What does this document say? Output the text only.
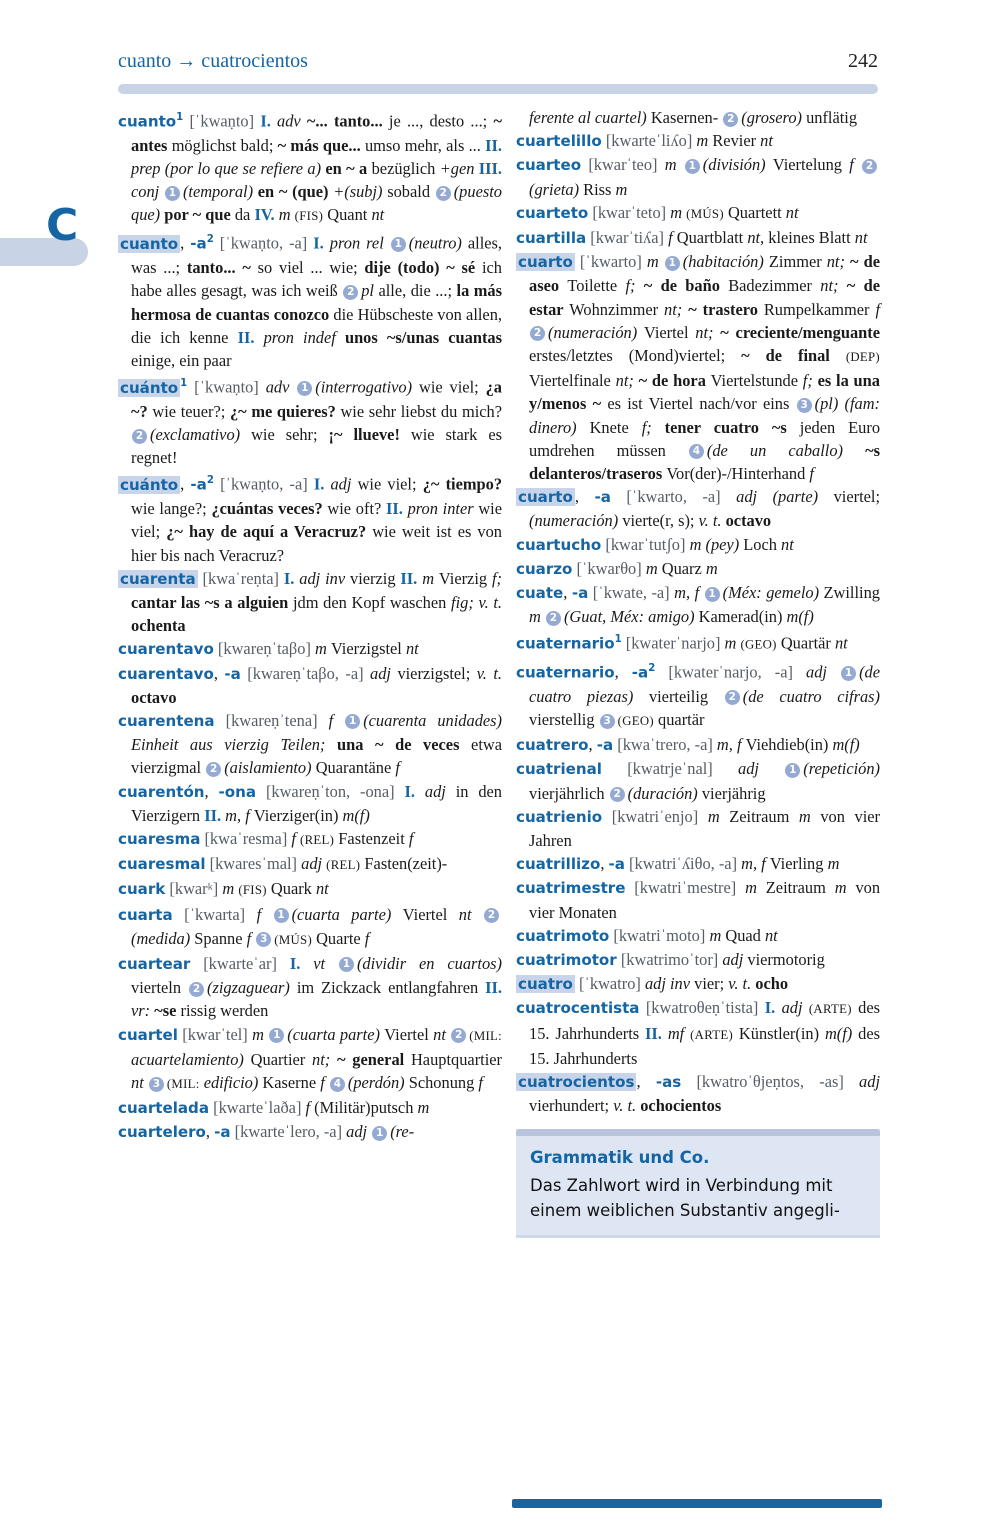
cuanto → cuatrocientos	242
C

cuanto$^1$ [ˈkwaṇto] I. adv ~... tanto... je ..., desto ...; ~ antes möglichst bald; ~ más que... umso mehr, als ... II. prep (por lo que se refiere a) en ~ a bezüglich +gen III. conj 1 (temporal) en ~ (que) +(subj) sobald 2 (puesto que) por ~ que da IV. m (FIS) Quant nt

cuanto , $-a^2$ [ˈkwaṇto, -a] I. pron rel 1 (neutro) alles, was ...; tanto... ~ so viel ... wie; dije (todo) ~ sé ich habe alles gesagt, was ich weiß 2 pl alle, die ...; la más hermosa de cuantas conozco die Hübscheste von allen, die ich kenne II. pron indef unos ~s/unas cuantas einige, ein paar

cuánto $^1$ [ˈkwaṇto] adv 1 (interrogativo) wie viel; ¿a ~? wie teuer?; ¿~ me quieres? wie sehr liebst du mich? 2 (exclamativo) wie sehr; ¡~ llueve! wie stark es regnet!

cuánto , $-a^2$ [ˈkwaṇto, -a] I. adj wie viel; ¿~ tiempo? wie lange?; ¿cuántas veces? wie oft? II. pron inter wie viel; ¿~ hay de aquí a Veracruz? wie weit ist es von hier bis nach Veracruz?

cuarenta [kwaˈreṇta] I. adj inv vierzig II. m Vierzig f; cantar las ~s a alguien jdm den Kopf waschen fig; v. t. ochenta

cuarentavo [kwareṇˈtaβo] m Vierzigstel nt

cuarentavo, -a [kwareṇˈtaβo, -a] adj vierzigstel; v. t. octavo

cuarentena [kwareṇˈtena] f 1 (cuarenta unidades) Einheit aus vierzig Teilen; una ~ de veces etwa vierzigmal 2 (aislamiento) Quarantäne f

cuarentón, -ona [kwareṇˈton, -ona] I. adj in den Vierzigern II. m, f Vierziger(in) m(f)

cuaresma [kwaˈresma] f (REL) Fastenzeit f

cuaresmal [kwaresˈmal] adj (REL) Fasten(zeit)-

cuark [kwarᵏ] m (FIS) Quark nt

cuarta [ˈkwarta] f 1 (cuarta parte) Viertel nt 2(medida) Spanne f 3 (MÚS) Quarte f

cuartear [kwarteˈar] I. vt 1 (dividir en cuartos) vierteln 2 (zigzaguear) im Zickzack entlangfahren II. vr: ~se rissig werden

cuartel [kwarˈtel] m 1 (cuarta parte) Viertel nt 2 (MIL: acuartelamiento) Quartier nt; ~ general Hauptquartier nt 3 (MIL: edificio) Kaserne f 4 (perdón) Schonung f

cuartelada [kwarteˈlaða] f (Militär)putsch m

cuartelero, -a [kwarteˈlero, -a] adj 1 (re-

ferente al cuartel) Kasernen- 2 (grosero) unflätig

cuartelillo [kwarteˈliʎo] m Revier nt

cuarteo [kwarˈteo] m 1 (división) Viertelung f 2(grieta) Riss m

cuarteto [kwarˈteto] m (MÚS) Quartett nt

cuartilla [kwarˈtiʎa] f Quartblatt nt, kleines Blatt nt

cuarto [ˈkwarto] m 1 (habitación) Zimmer nt; ~ de aseo Toilette f; ~ de baño Badezimmer nt; ~ de estar Wohnzimmer nt; ~ trastero Rumpelkammer f 2 (numeración) Viertel nt; ~ creciente/menguante erstes/letztes (Mond)viertel; ~ de final (DEP) Viertelfinale nt; ~ de hora Viertelstunde f; es la una y/menos ~ es ist Viertel nach/vor eins 3 (pl) (fam: dinero) Knete f; tener cuatro ~s jeden Euro umdrehen müssen 4 (de un caballo) ~s delanteros/traseros Vor(der)-/Hinterhand f

cuarto , -a [ˈkwarto, -a] adj (parte) viertel; (numeración) vierte(r, s); v. t. octavo

cuartucho [kwarˈtutʃo] m (pey) Loch nt

cuarzo [ˈkwarθo] m Quarz m

cuate, -a [ˈkwate, -a] m, f 1 (Méx: gemelo) Zwilling m 2 (Guat, Méx: amigo) Kamerad(in) m(f)

cuaternario$^1$ [kwaterˈnarjo] m (GEO) Quartär nt

cuaternario, $-a^2$ [kwaterˈnarjo, -a] adj 1 (de cuatro piezas) vierteilig 2 (de cuatro cifras) vierstellig 3 (GEO) quartär

cuatrero, -a [kwaˈtrero, -a] m, f Viehdieb(in) m(f)

cuatrienal [kwatrjeˈnal] adj 1 (repetición) vierjährlich 2 (duración) vierjährig

cuatrienio [kwatriˈenjo] m Zeitraum m von vier Jahren

cuatrillizo, -a [kwatriˈʎiθo, -a] m, f Vierling m

cuatrimestre [kwatriˈmestre] m Zeitraum m von vier Monaten

cuatrimoto [kwatriˈmoto] m Quad nt

cuatrimotor [kwatrimoˈtor] adj viermotorig

cuatro [ˈkwatro] adj inv vier; v. t. ocho

cuatrocentista [kwatroθeṇˈtista] I. adj (ARTE) des 15. Jahrhunderts II. mf (ARTE) Künstler(in) m(f) des 15. Jahrhunderts

cuatrocientos , -as [kwatroˈθjeṇtos, -as] adj vierhundert; v. t. ochocientos

Grammatik und Co.
Das Zahlwort wird in Verbindung mit einem weiblichen Substantiv angegli-
